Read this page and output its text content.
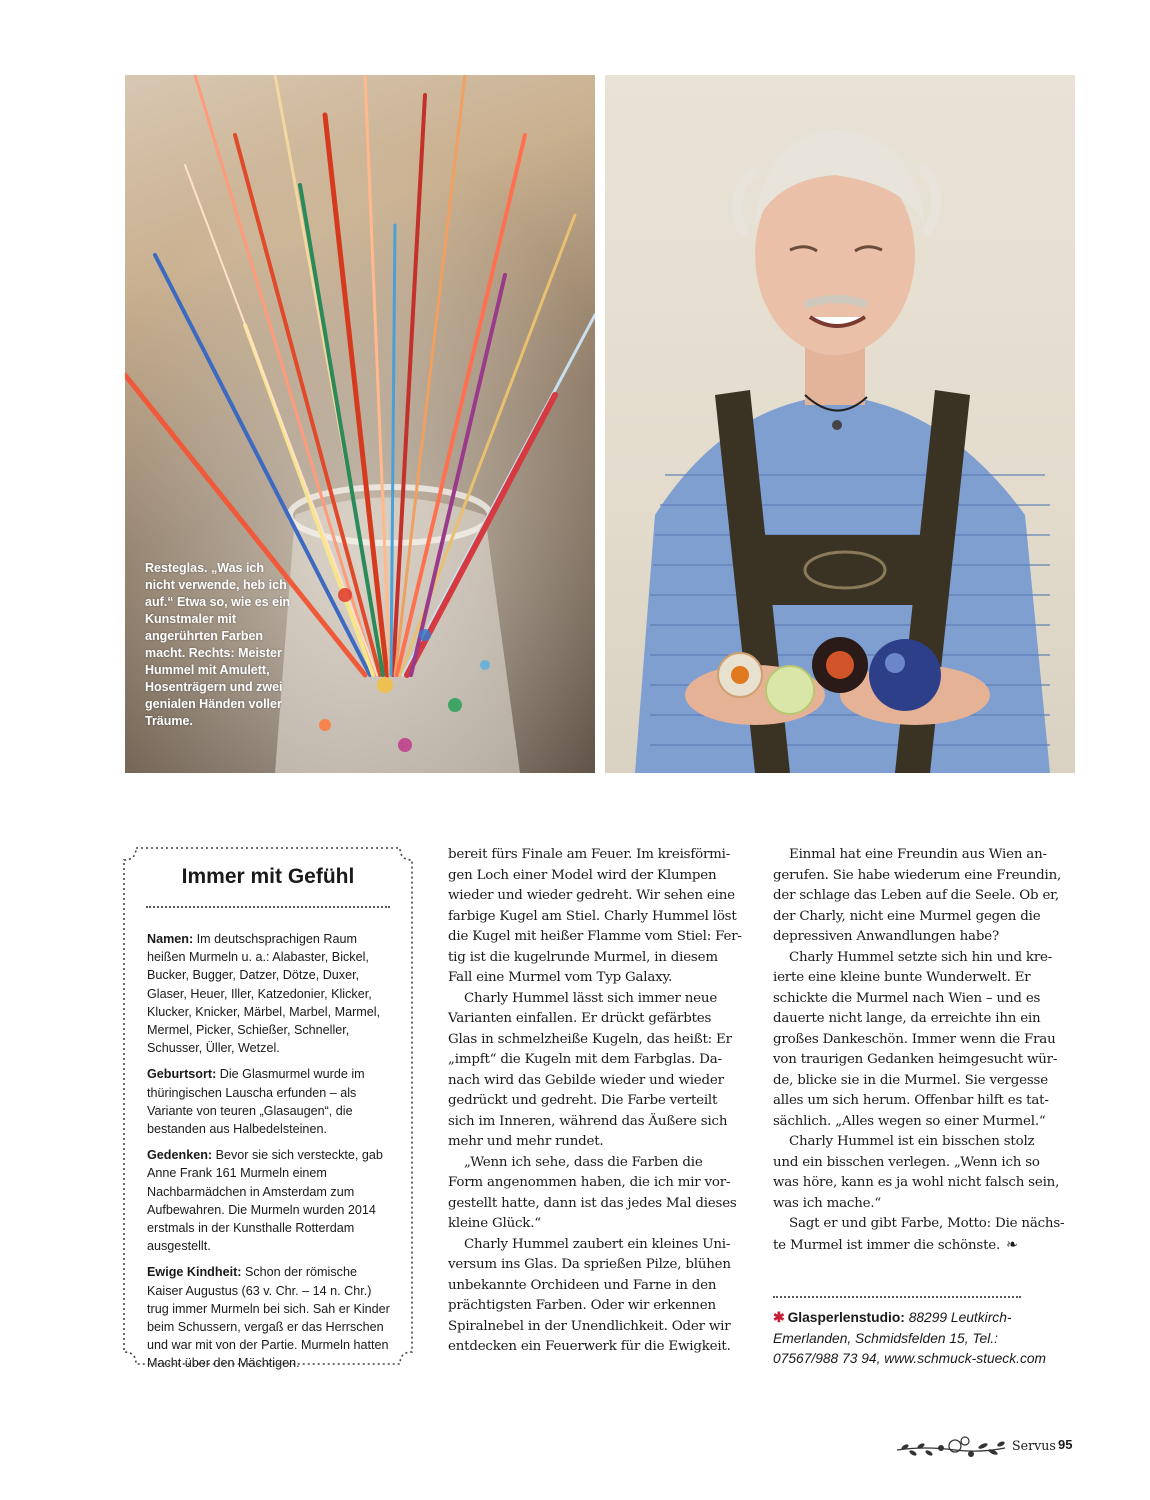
Resteglas. „Was ich nicht verwende, heb ich auf.“ Etwa so, wie es ein Kunstmaler mit angerührten Farben macht. Rechts: Meister Hummel mit Amulett, Hosenträgern und zwei genialen Händen voller Träume.
Immer mit Gefühl

Namen: Im deutschsprachigen Raum heißen Murmeln u. a.: Alabaster, Bickel, Bucker, Bugger, Datzer, Dötze, Duxer, Glaser, Heuer, Iller, Katzedonier, Klicker, Klucker, Knicker, Märbel, Marbel, Marmel, Mermel, Picker, Schießer, Schneller, Schusser, Üller, Wetzel.

Geburtsort: Die Glasmurmel wurde im thüringischen Lauscha erfunden – als Variante von teuren „Glasaugen“, die bestanden aus Halbedelsteinen.

Gedenken: Bevor sie sich versteckte, gab Anne Frank 161 Murmeln einem Nachbarmädchen in Amsterdam zum Aufbewahren. Die Murmeln wurden 2014 erstmals in der Kunsthalle Rotterdam ausgestellt.

Ewige Kindheit: Schon der römische Kaiser Augustus (63 v. Chr. – 14 n. Chr.) trug immer Murmeln bei sich. Sah er Kinder beim Schussern, vergaß er das Herrschen und war mit von der Partie. Murmeln hatten Macht über den Mächtigen.

bereit fürs Finale am Feuer. Im kreisförmi-

gen Loch einer Model wird der Klumpen

wieder und wieder gedreht. Wir sehen eine

farbige Kugel am Stiel. Charly Hummel löst

die Kugel mit heißer Flamme vom Stiel: Fer-

tig ist die kugelrunde Murmel, in diesem

Fall eine Murmel vom Typ Galaxy.

Charly Hummel lässt sich immer neue

Varianten einfallen. Er drückt gefärbtes

Glas in schmelzheiße Kugeln, das heißt: Er

„impft“ die Kugeln mit dem Farbglas. Da-

nach wird das Gebilde wieder und wieder

gedrückt und gedreht. Die Farbe verteilt

sich im Inneren, während das Äußere sich

mehr und mehr rundet.

„Wenn ich sehe, dass die Farben die

Form angenommen haben, die ich mir vor-

gestellt hatte, dann ist das jedes Mal dieses

kleine Glück.“

Charly Hummel zaubert ein kleines Uni-

versum ins Glas. Da sprießen Pilze, blühen

unbekannte Orchideen und Farne in den

prächtigsten Farben. Oder wir erkennen

Spiralnebel in der Unendlichkeit. Oder wir

entdecken ein Feuerwerk für die Ewigkeit.

Einmal hat eine Freundin aus Wien an-

gerufen. Sie habe wiederum eine Freundin,

der schlage das Leben auf die Seele. Ob er,

der Charly, nicht eine Murmel gegen die

depressiven Anwandlungen habe?

Charly Hummel setzte sich hin und kre-

ierte eine kleine bunte Wunderwelt. Er

schickte die Murmel nach Wien – und es

dauerte nicht lange, da erreichte ihn ein

großes Dankeschön. Immer wenn die Frau

von traurigen Gedanken heimgesucht wür-

de, blicke sie in die Murmel. Sie vergesse

alles um sich herum. Offenbar hilft es tat-

sächlich. „Alles wegen so einer Murmel.“

Charly Hummel ist ein bisschen stolz

und ein bisschen verlegen. „Wenn ich so

was höre, kann es ja wohl nicht falsch sein,

was ich mache.“

Sagt er und gibt Farbe, Motto: Die nächs-

te Murmel ist immer die schönste. ❧

✱ Glasperlenstudio: 88299 Leutkirch-
Emerlanden, Schmidsfelden 15, Tel.:
07567/988 73 94, www.schmuck-stueck.com
Servus 95
